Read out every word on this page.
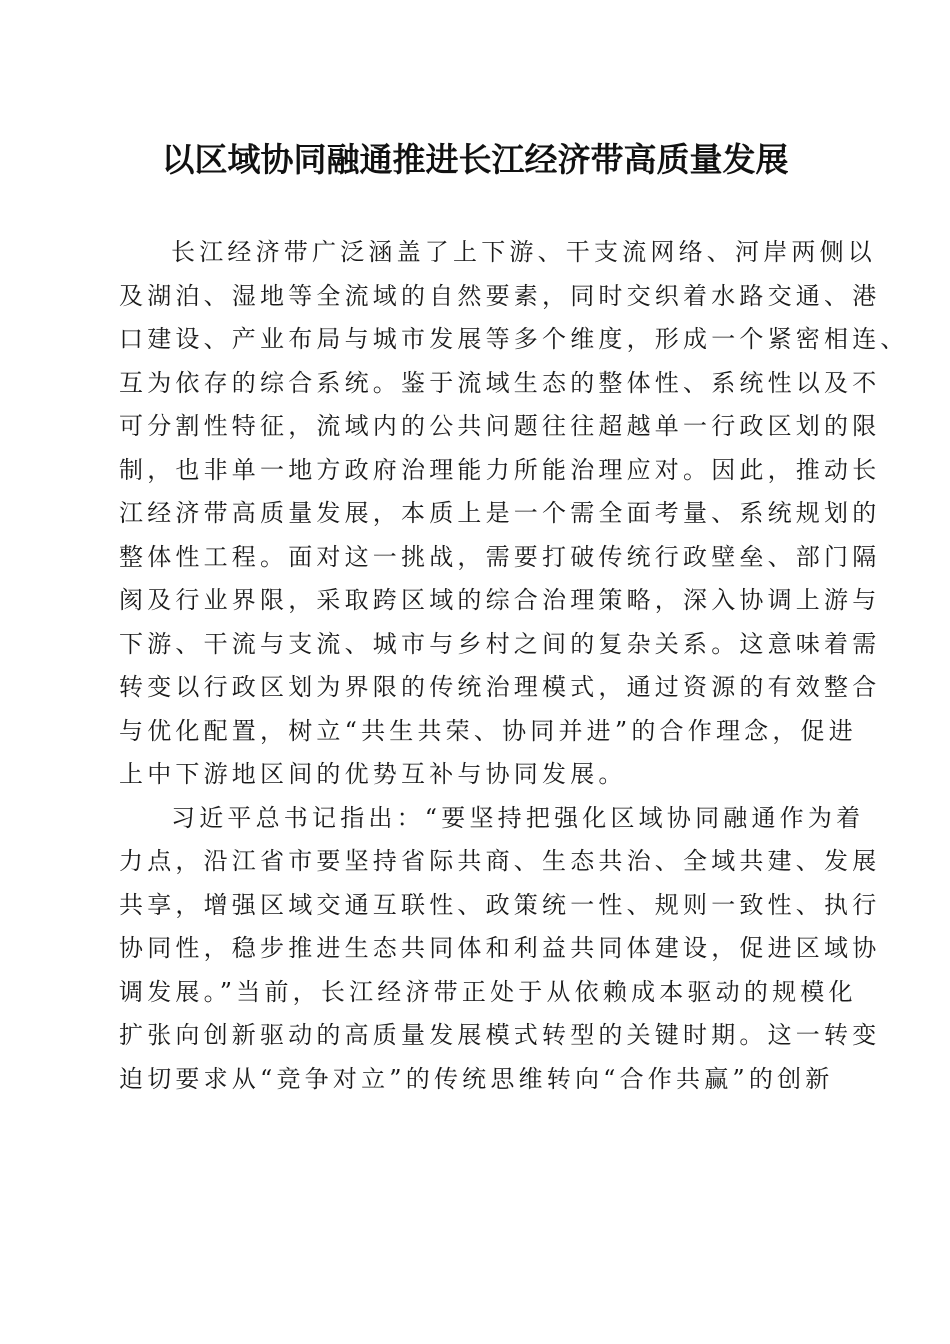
以区域协同融通推进长江经济带高质量发展
长江经济带广泛涵盖了上下游、干支流网络、河岸两侧以
及湖泊、湿地等全流域的自然要素，同时交织着水路交通、港
口建设、产业布局与城市发展等多个维度，形成一个紧密相连、
互为依存的综合系统。鉴于流域生态的整体性、系统性以及不
可分割性特征，流域内的公共问题往往超越单一行政区划的限
制，也非单一地方政府治理能力所能治理应对。因此，推动长
江经济带高质量发展，本质上是一个需全面考量、系统规划的
整体性工程。面对这一挑战，需要打破传统行政壁垒、部门隔
阂及行业界限，采取跨区域的综合治理策略，深入协调上游与
下游、干流与支流、城市与乡村之间的复杂关系。这意味着需
转变以行政区划为界限的传统治理模式，通过资源的有效整合
与优化配置，树立“共生共荣、协同并进”的合作理念，促进
上中下游地区间的优势互补与协同发展。
习近平总书记指出：“要坚持把强化区域协同融通作为着
力点，沿江省市要坚持省际共商、生态共治、全域共建、发展
共享，增强区域交通互联性、政策统一性、规则一致性、执行
协同性，稳步推进生态共同体和利益共同体建设，促进区域协
调发展。”当前，长江经济带正处于从依赖成本驱动的规模化
扩张向创新驱动的高质量发展模式转型的关键时期。这一转变
迫切要求从“竞争对立”的传统思维转向“合作共赢”的创新
